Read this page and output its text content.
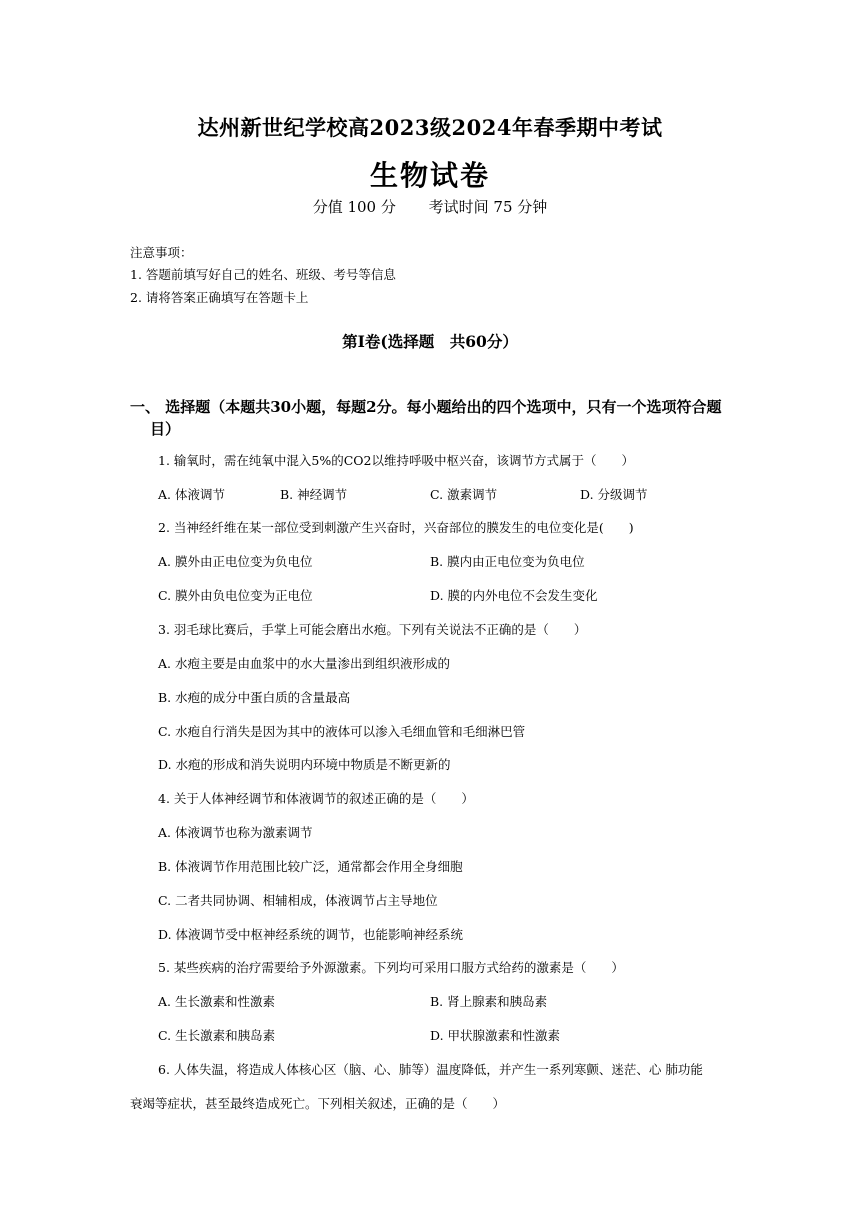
达州新世纪学校高2023级2024年春季期中考试
生物试卷
分值 100 分 考试时间 75 分钟
注意事项：
1. 答题前填写好自己的姓名、班级、考号等信息
2. 请将答案正确填写在答题卡上
第Ⅰ卷(选择题　共60分）
一、 选择题（本题共30小题，每题2分。每小题给出的四个选项中，只有一个选项符合题
目）
1. 输氧时，需在纯氧中混入5%的CO2以维持呼吸中枢兴奋，该调节方式属于（　　）
A. 体液调节	B. 神经调节	C. 激素调节	D. 分级调节
2. 当神经纤维在某一部位受到刺激产生兴奋时，兴奋部位的膜发生的电位变化是(　　)
A. 膜外由正电位变为负电位	B. 膜内由正电位变为负电位
C. 膜外由负电位变为正电位	D. 膜的内外电位不会发生变化
3. 羽毛球比赛后，手掌上可能会磨出水疱。下列有关说法不正确的是（　　）
A. 水疱主要是由血浆中的水大量渗出到组织液形成的
B. 水疱的成分中蛋白质的含量最高
C. 水疱自行消失是因为其中的液体可以渗入毛细血管和毛细淋巴管
D. 水疱的形成和消失说明内环境中物质是不断更新的
4. 关于人体神经调节和体液调节的叙述正确的是（　　）
A. 体液调节也称为激素调节
B. 体液调节作用范围比较广泛，通常都会作用全身细胞
C. 二者共同协调、相辅相成，体液调节占主导地位
D. 体液调节受中枢神经系统的调节，也能影响神经系统
5. 某些疾病的治疗需要给予外源激素。下列均可采用口服方式给药的激素是（　　）
A. 生长激素和性激素	B. 肾上腺素和胰岛素
C. 生长激素和胰岛素	D. 甲状腺激素和性激素
6. 人体失温，将造成人体核心区（脑、心、肺等）温度降低，并产生一系列寒颤、迷茫、心 肺功能
衰竭等症状，甚至最终造成死亡。下列相关叙述，正确的是（　　）
